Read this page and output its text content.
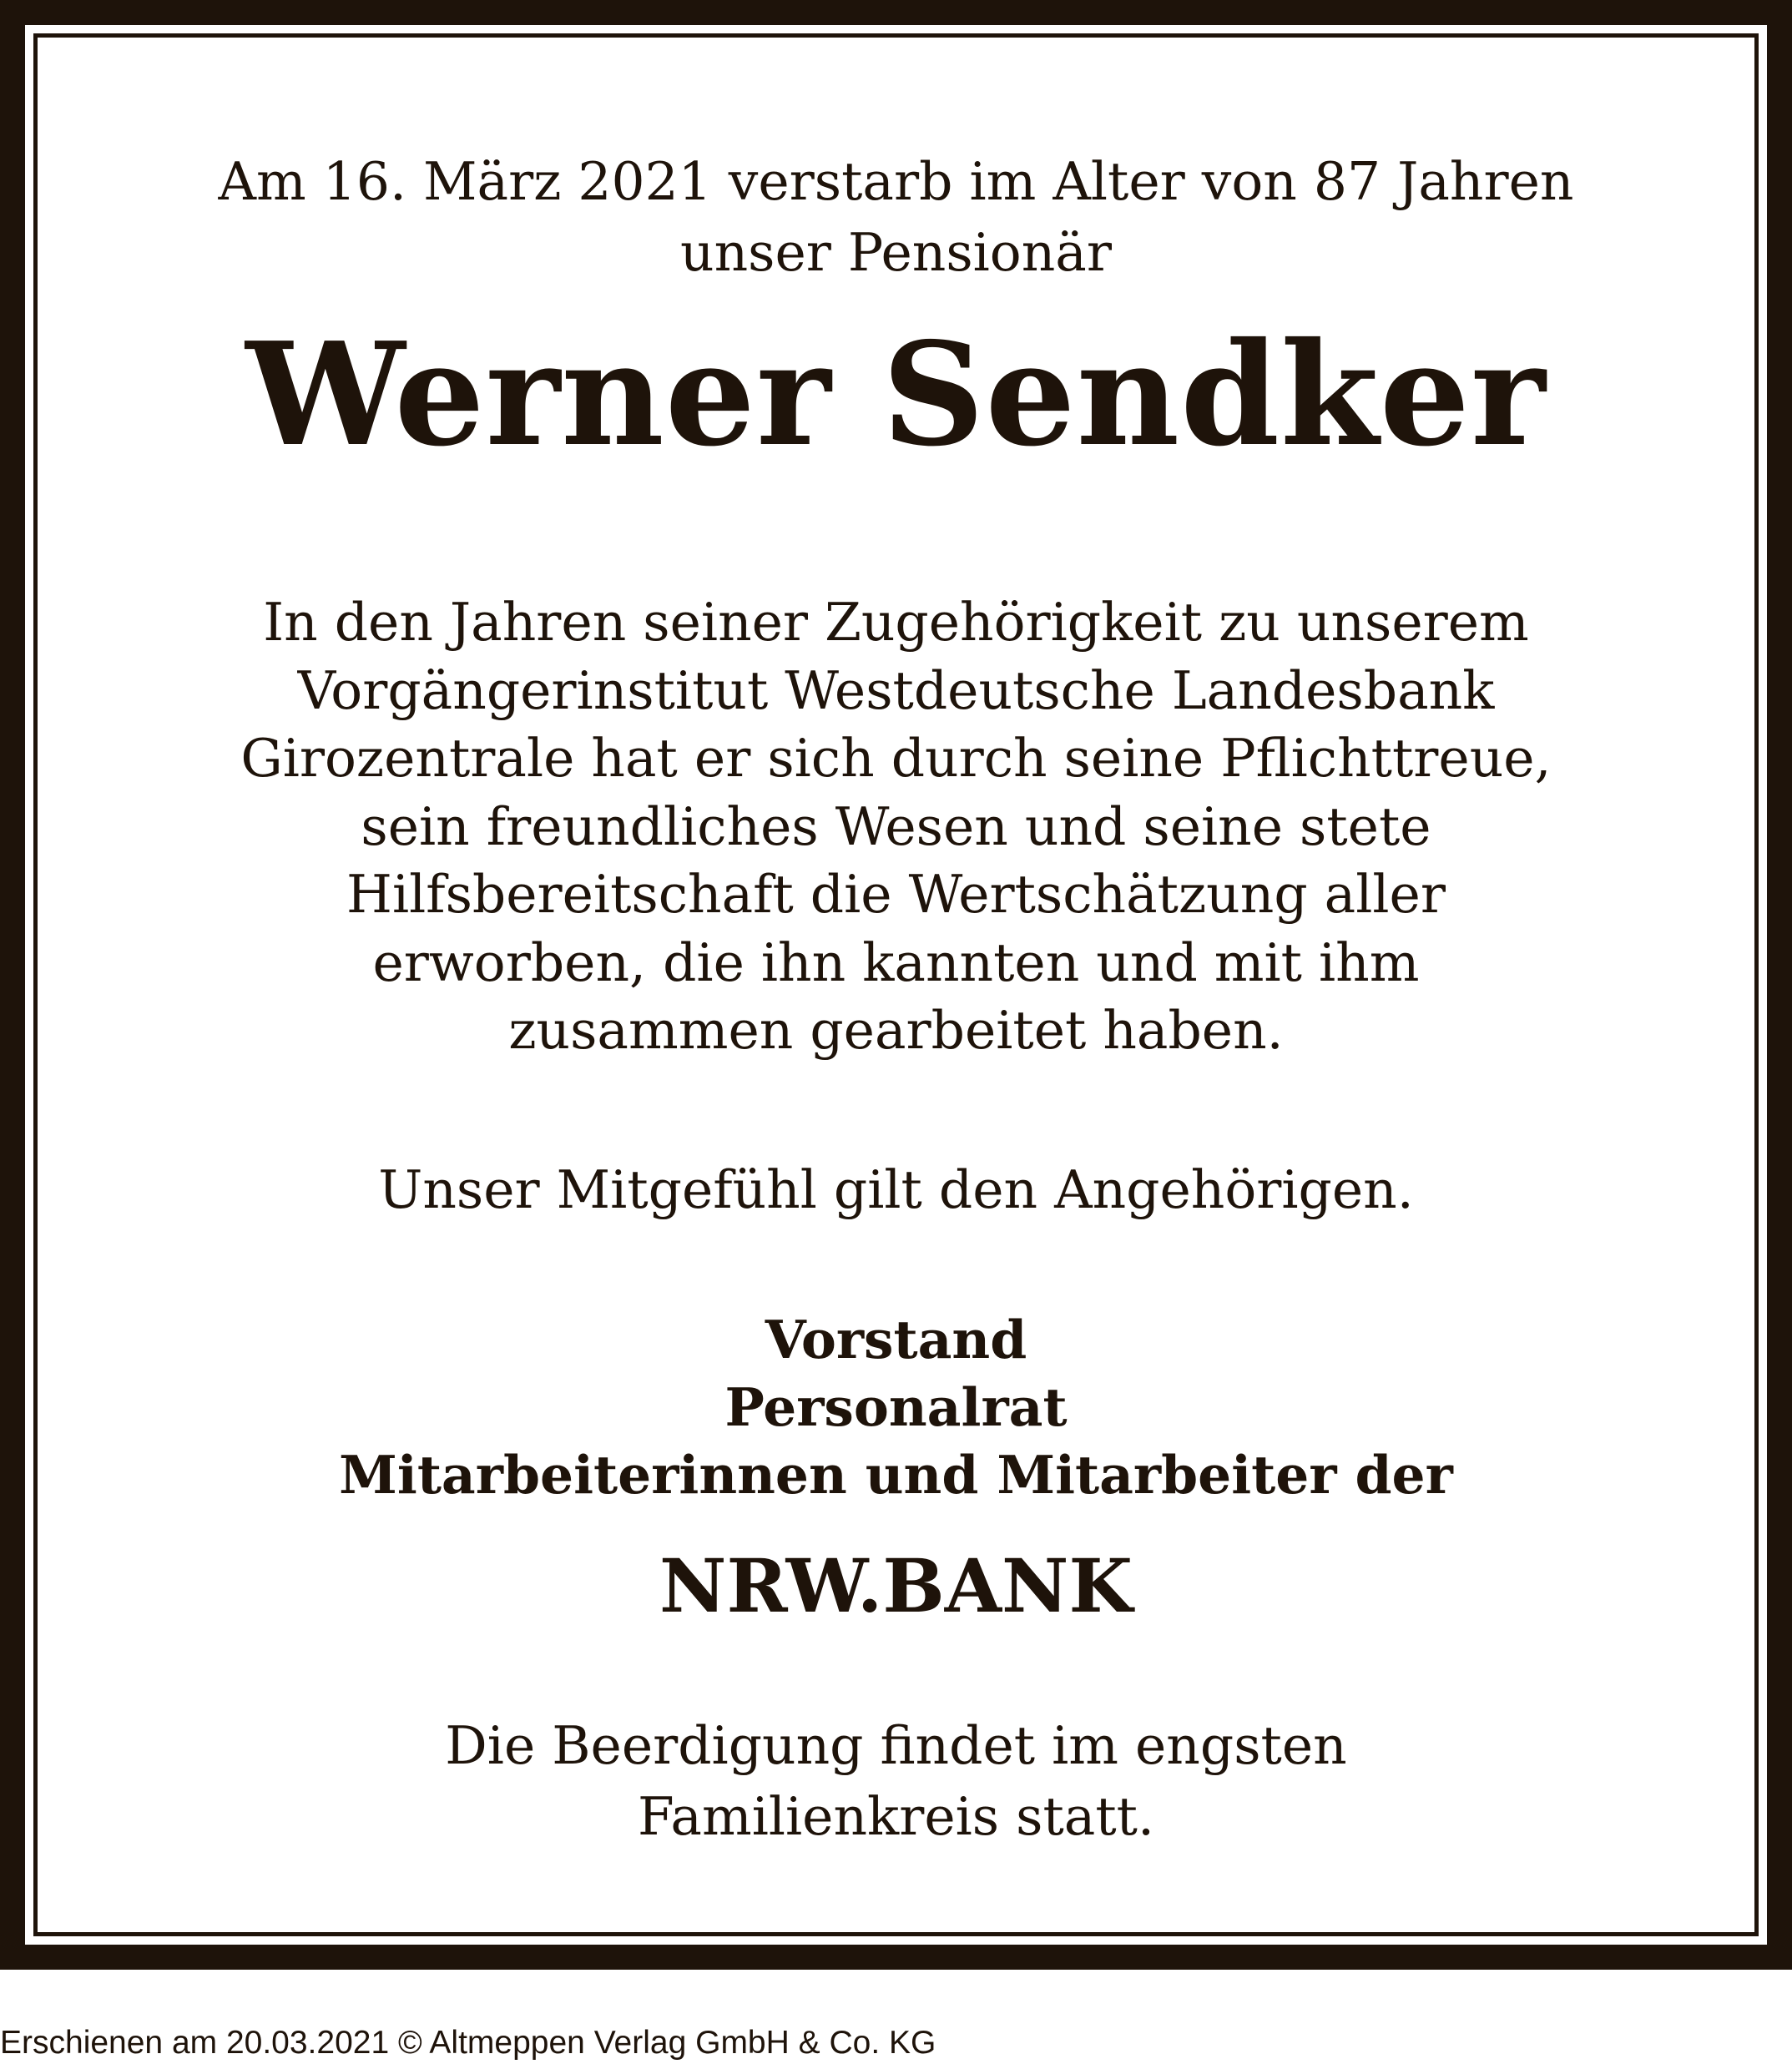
Am 16. März 2021 verstarb im Alter von 87 Jahren
unser Pensionär
Werner Sendker
In den Jahren seiner Zugehörigkeit zu unserem
Vorgängerinstitut Westdeutsche Landesbank
Girozentrale hat er sich durch seine Pflichttreue,
sein freundliches Wesen und seine stete
Hilfsbereitschaft die Wertschätzung aller
erworben, die ihn kannten und mit ihm
zusammen gearbeitet haben.
Unser Mitgefühl gilt den Angehörigen.
Vorstand
Personalrat
Mitarbeiterinnen und Mitarbeiter der
NRW.BANK
Die Beerdigung findet im engsten
Familienkreis statt.
Erschienen am 20.03.2021 © Altmeppen Verlag GmbH & Co. KG
